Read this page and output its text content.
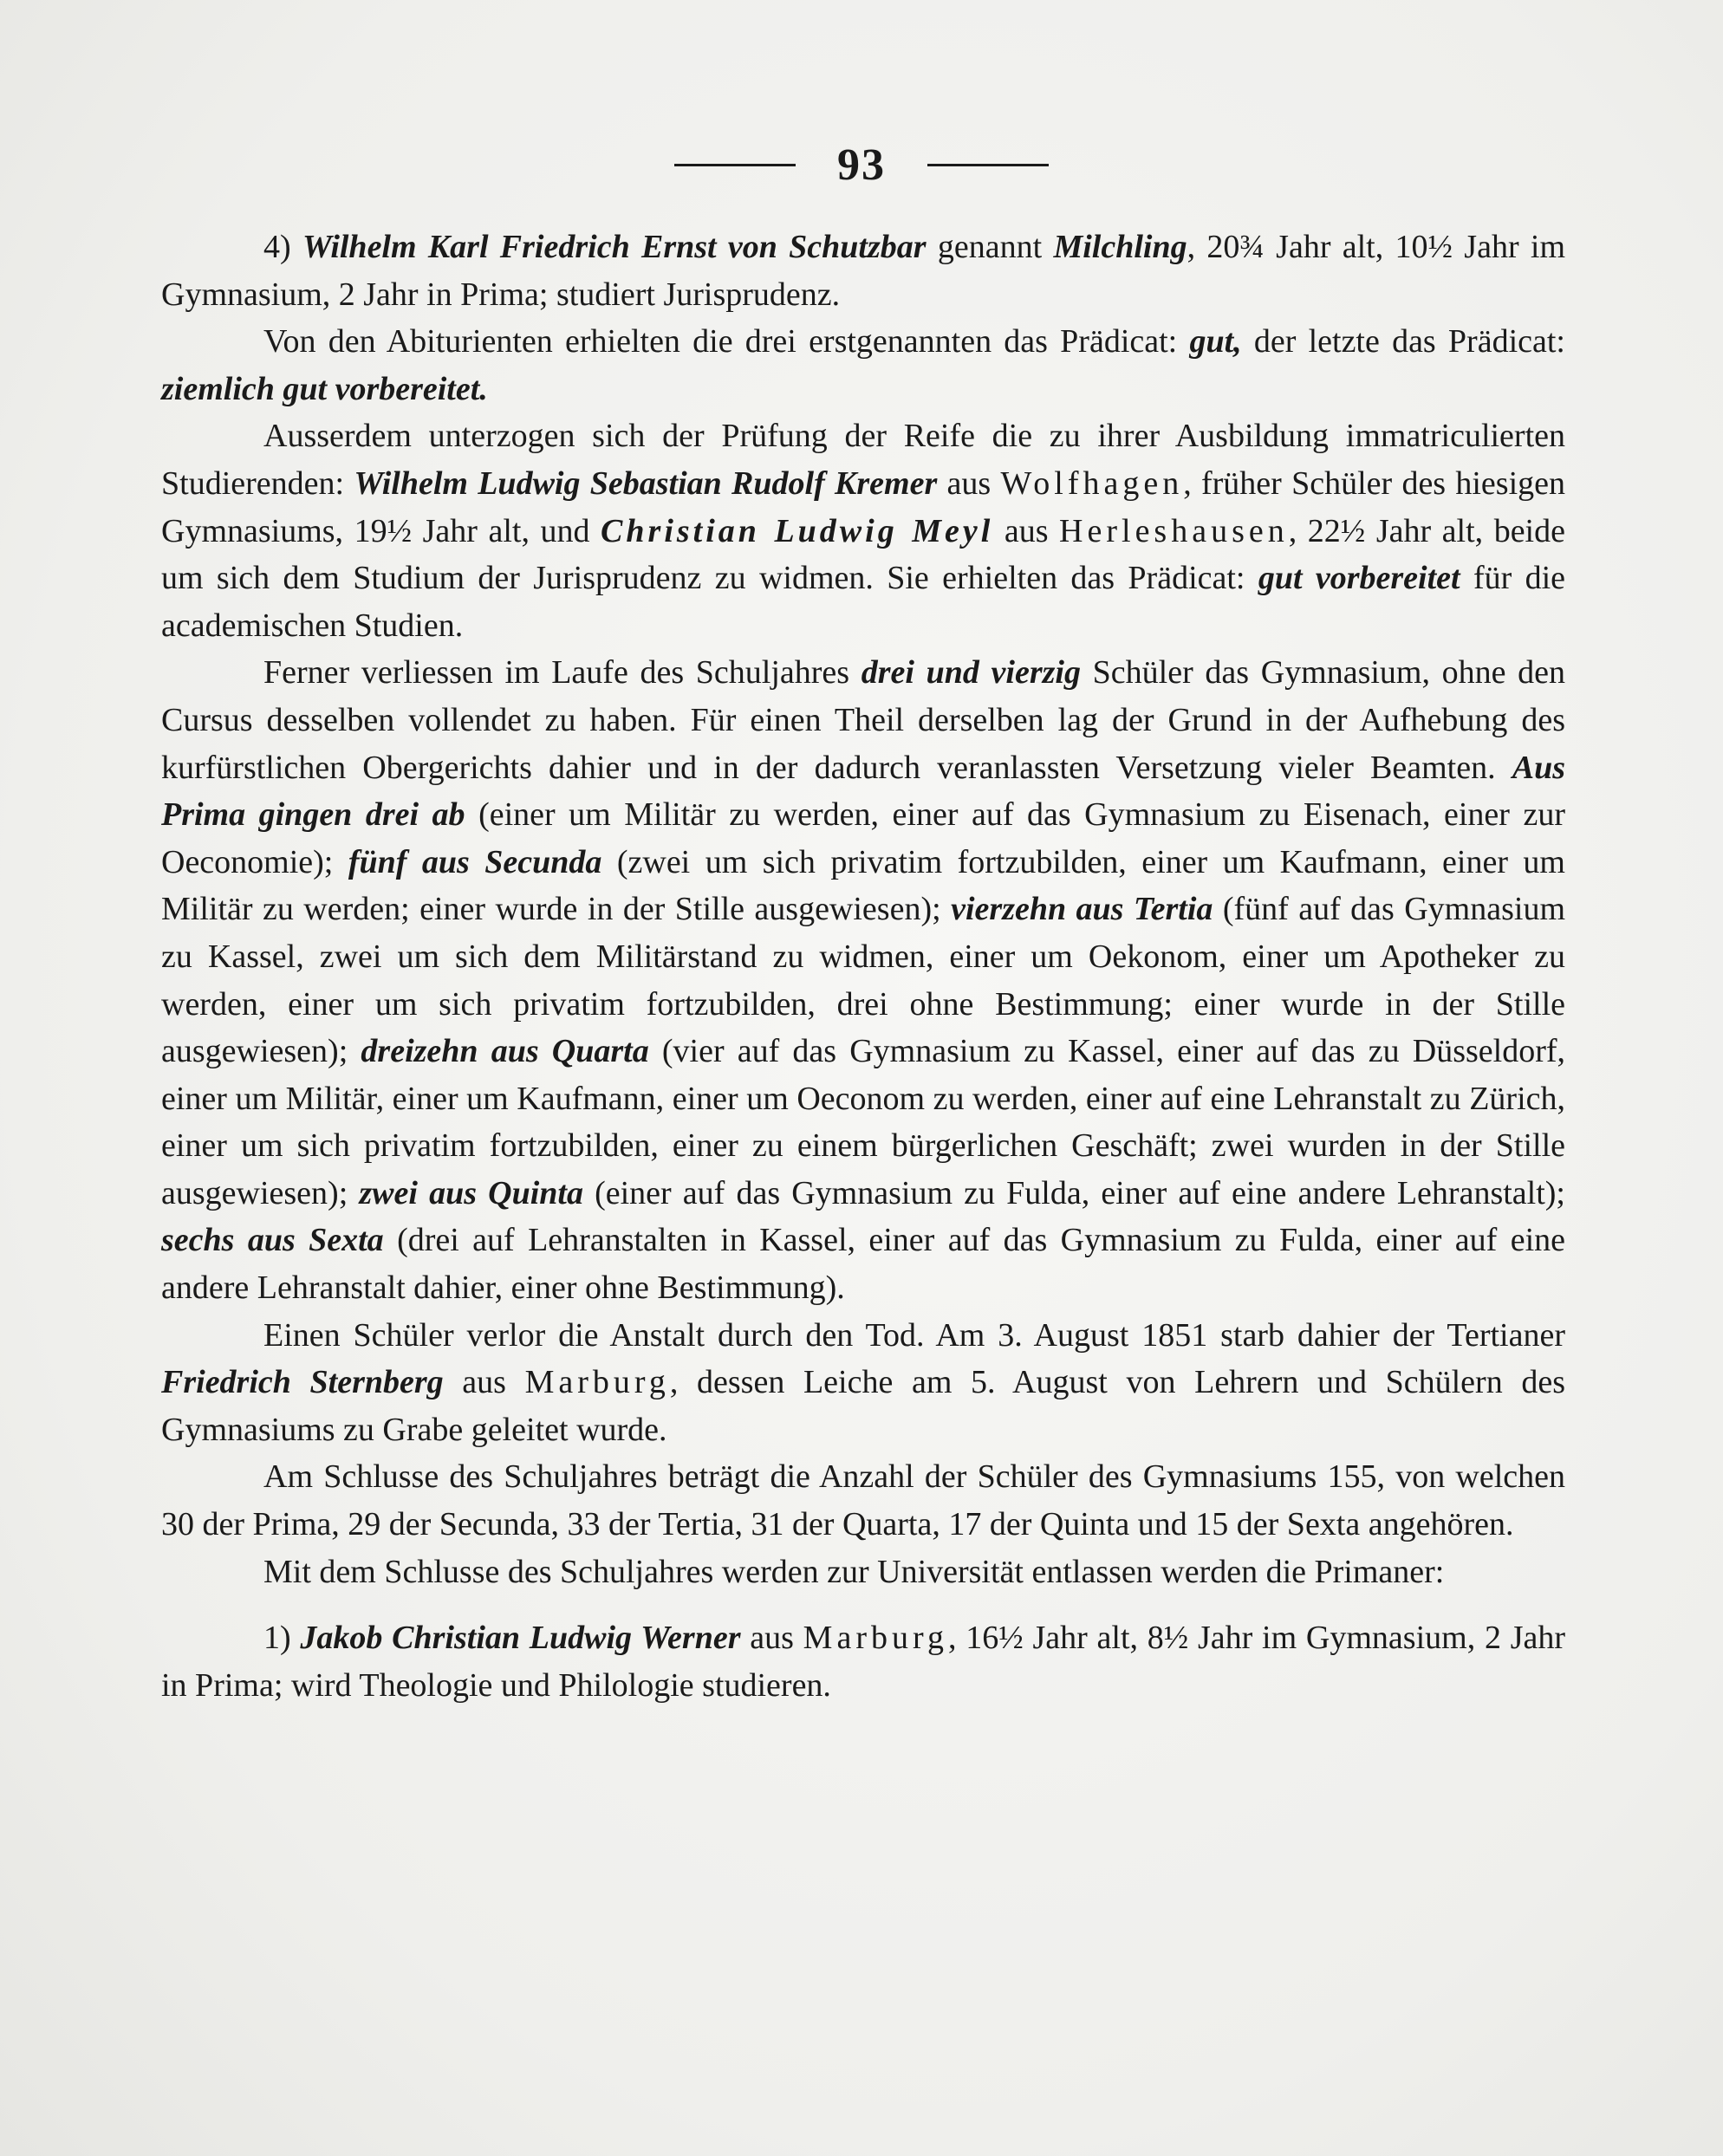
93

4) Wilhelm Karl Friedrich Ernst von Schutzbar genannt Milchling, 20¾ Jahr alt, 10½ Jahr im Gymnasium, 2 Jahr in Prima; studiert Jurisprudenz.

Von den Abiturienten erhielten die drei erstgenannten das Prädicat: gut, der letzte das Prädicat: ziemlich gut vorbereitet.

Ausserdem unterzogen sich der Prüfung der Reife die zu ihrer Ausbildung immatriculierten Studierenden: Wilhelm Ludwig Sebastian Rudolf Kremer aus Wolfhagen, früher Schüler des hiesigen Gymnasiums, 19½ Jahr alt, und Christian Ludwig Meyl aus Herleshausen, 22½ Jahr alt, beide um sich dem Studium der Jurisprudenz zu widmen. Sie erhielten das Prädicat: gut vorbereitet für die academischen Studien.

Ferner verliessen im Laufe des Schuljahres drei und vierzig Schüler das Gymnasium, ohne den Cursus desselben vollendet zu haben. Für einen Theil derselben lag der Grund in der Aufhebung des kurfürstlichen Obergerichts dahier und in der dadurch veranlassten Versetzung vieler Beamten. Aus Prima gingen drei ab (einer um Militär zu werden, einer auf das Gymnasium zu Eisenach, einer zur Oeconomie); fünf aus Secunda (zwei um sich privatim fortzubilden, einer um Kaufmann, einer um Militär zu werden; einer wurde in der Stille ausgewiesen); vierzehn aus Tertia (fünf auf das Gymnasium zu Kassel, zwei um sich dem Militärstand zu widmen, einer um Oekonom, einer um Apotheker zu werden, einer um sich privatim fortzubilden, drei ohne Bestimmung; einer wurde in der Stille ausgewiesen); dreizehn aus Quarta (vier auf das Gymnasium zu Kassel, einer auf das zu Düsseldorf, einer um Militär, einer um Kaufmann, einer um Oeconom zu werden, einer auf eine Lehranstalt zu Zürich, einer um sich privatim fortzubilden, einer zu einem bürgerlichen Geschäft; zwei wurden in der Stille ausgewiesen); zwei aus Quinta (einer auf das Gymnasium zu Fulda, einer auf eine andere Lehranstalt); sechs aus Sexta (drei auf Lehranstalten in Kassel, einer auf das Gymnasium zu Fulda, einer auf eine andere Lehranstalt dahier, einer ohne Bestimmung).

Einen Schüler verlor die Anstalt durch den Tod. Am 3. August 1851 starb dahier der Tertianer Friedrich Sternberg aus Marburg, dessen Leiche am 5. August von Lehrern und Schülern des Gymnasiums zu Grabe geleitet wurde.

Am Schlusse des Schuljahres beträgt die Anzahl der Schüler des Gymnasiums 155, von welchen 30 der Prima, 29 der Secunda, 33 der Tertia, 31 der Quarta, 17 der Quinta und 15 der Sexta angehören.

Mit dem Schlusse des Schuljahres werden zur Universität entlassen werden die Primaner:

1) Jakob Christian Ludwig Werner aus Marburg, 16½ Jahr alt, 8½ Jahr im Gymnasium, 2 Jahr in Prima; wird Theologie und Philologie studieren.
